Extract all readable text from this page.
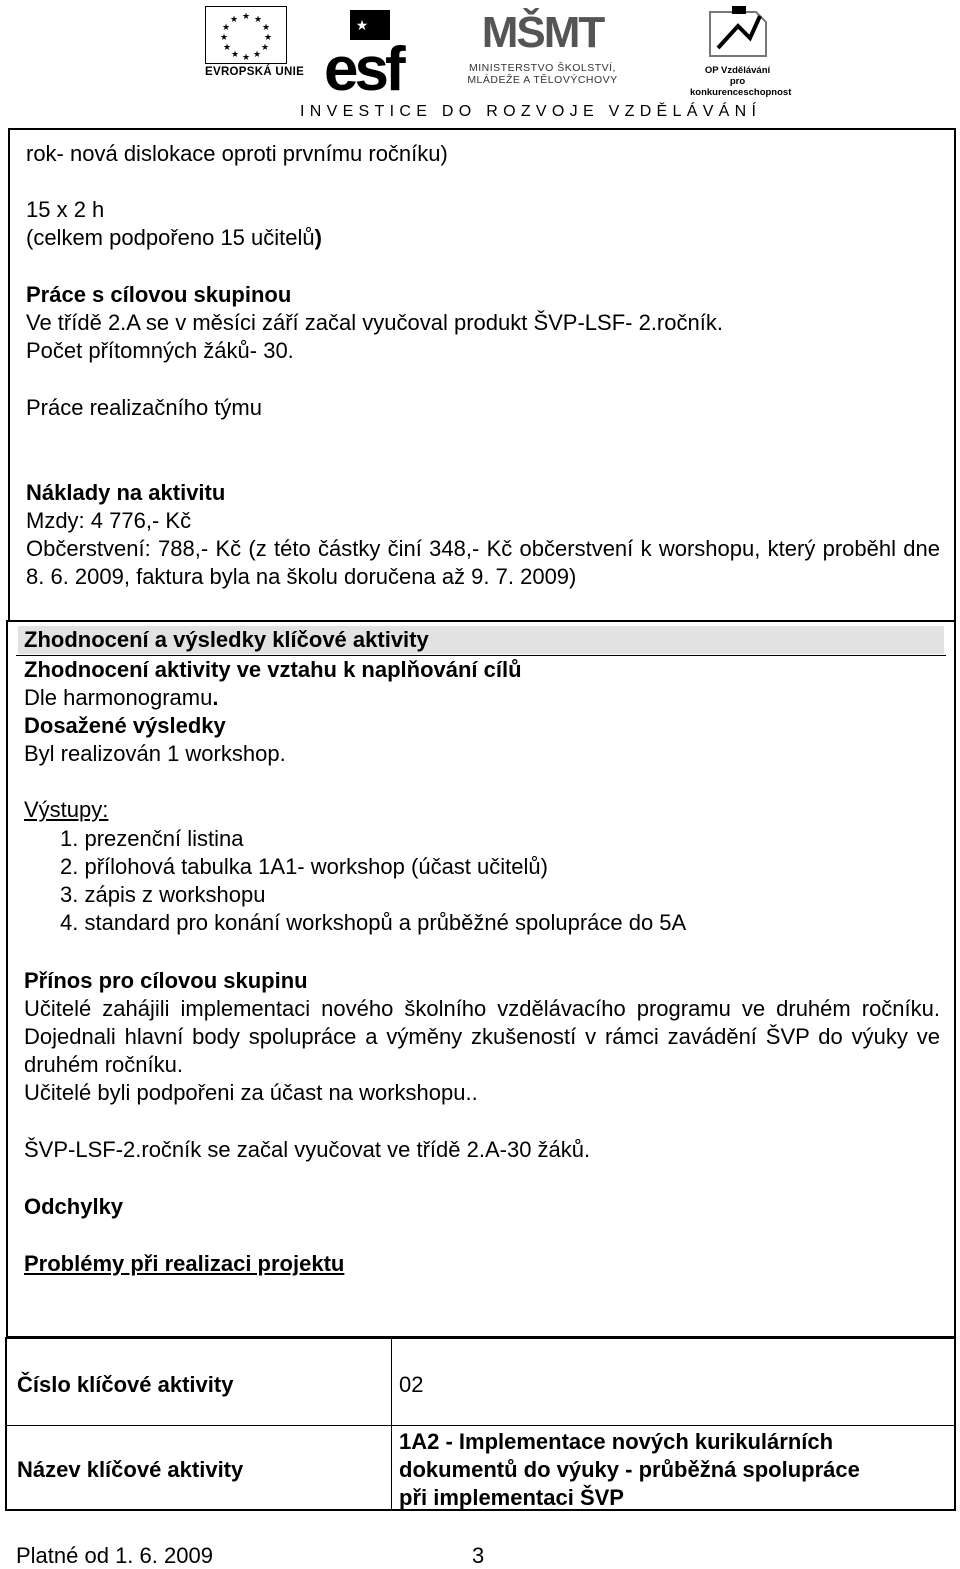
★ ★
★
★
★
★
★
★
★
★
★
★
EVROPSKÁ UNIE
★
esf
MŠMT
MINISTERSTVO ŠKOLSTVÍ,
MLÁDEŽE A TĚLOVÝCHOVY
OP Vzdělávání
pro konkurenceschopnost
INVESTICE DO ROZVOJE VZDĚLÁVÁNÍ
rok- nová dislokace oproti prvnímu ročníku)
15 x 2 h
(celkem podpořeno 15 učitelů)
Práce s cílovou skupinou
Ve třídě 2.A se v měsíci září začal vyučoval produkt ŠVP-LSF- 2.ročník.
Počet přítomných žáků- 30.
Práce realizačního týmu
Náklady na aktivitu
Mzdy: 4 776,- Kč
Občerstvení: 788,- Kč (z této částky činí 348,- Kč občerstvení k worshopu, který proběhl dne 8. 6. 2009, faktura byla na školu doručena až 9. 7. 2009)
Zhodnocení a výsledky klíčové aktivity
Zhodnocení aktivity ve vztahu k naplňování cílů
Dle harmonogramu.
Dosažené výsledky
Byl realizován 1 workshop.
Výstupy:
1. prezenční listina
2. přílohová tabulka 1A1- workshop (účast učitelů)
3. zápis z workshopu
4. standard pro konání workshopů a průběžné spolupráce do 5A
Přínos pro cílovou skupinu
Učitelé zahájili implementaci nového školního vzdělávacího programu ve druhém ročníku. Dojednali hlavní body spolupráce a výměny zkušeností v rámci zavádění ŠVP do výuky ve druhém ročníku.
Učitelé byli podpořeni za účast na workshopu..
ŠVP-LSF-2.ročník se začal vyučovat ve třídě 2.A-30 žáků.
Odchylky
Problémy při realizaci projektu
Číslo klíčové aktivity	02
Název klíčové aktivity
1A2 - Implementace nových kurikulárních
dokumentů do výuky - průběžná spolupráce
při implementaci ŠVP
Platné od 1. 6. 2009	3
